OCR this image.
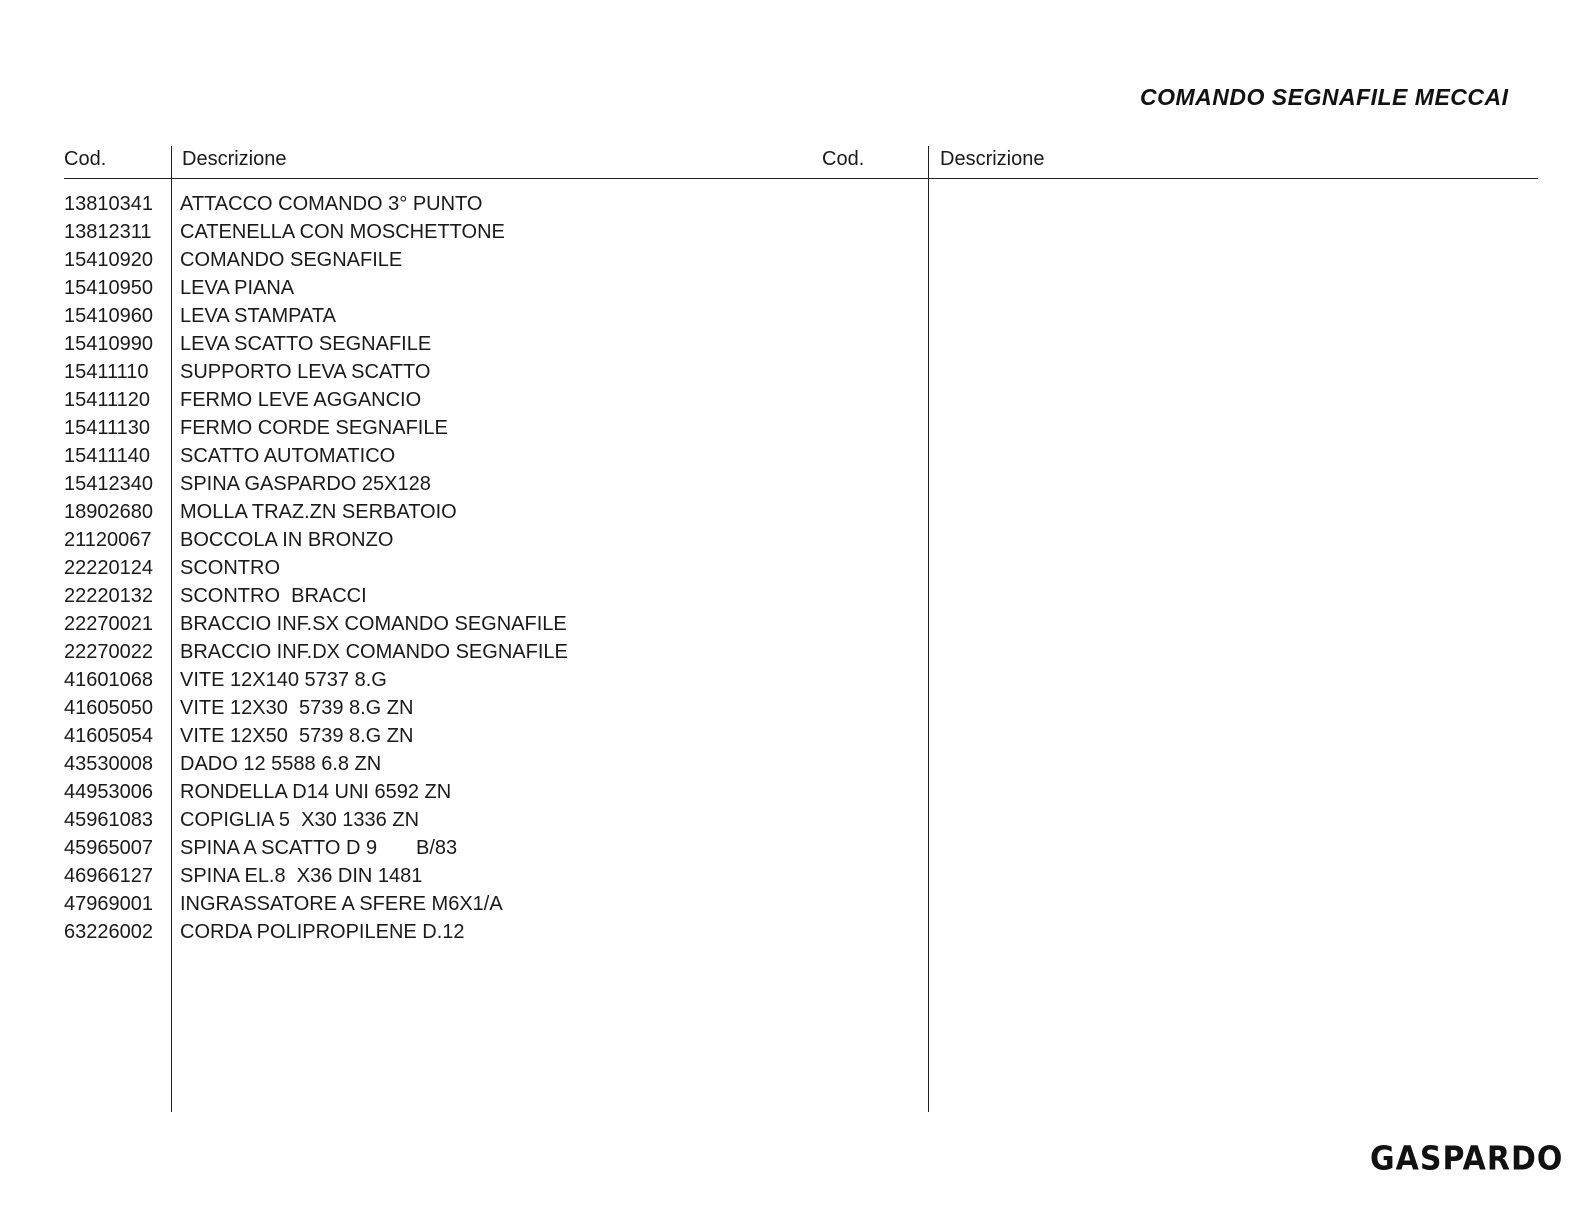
COMANDO SEGNAFILE MECCAI
Cod.	Descrizione	Cod.	Descrizione
13810341	ATTACCO COMANDO 3° PUNTO
13812311	CATENELLA CON MOSCHETTONE
15410920	COMANDO SEGNAFILE
15410950	LEVA PIANA
15410960	LEVA STAMPATA
15410990	LEVA SCATTO SEGNAFILE
15411110	SUPPORTO LEVA SCATTO
15411120	FERMO LEVE AGGANCIO
15411130	FERMO CORDE SEGNAFILE
15411140	SCATTO AUTOMATICO
15412340	SPINA GASPARDO 25X128
18902680	MOLLA TRAZ.ZN SERBATOIO
21120067	BOCCOLA IN BRONZO
22220124	SCONTRO
22220132	SCONTRO  BRACCI
22270021	BRACCIO INF.SX COMANDO SEGNAFILE
22270022	BRACCIO INF.DX COMANDO SEGNAFILE
41601068	VITE 12X140 5737 8.G
41605050	VITE 12X30  5739 8.G ZN
41605054	VITE 12X50  5739 8.G ZN
43530008	DADO 12 5588 6.8 ZN
44953006	RONDELLA D14 UNI 6592 ZN
45961083	COPIGLIA 5  X30 1336 ZN
45965007	SPINA A SCATTO D 9       B/83
46966127	SPINA EL.8  X36 DIN 1481
47969001	INGRASSATORE A SFERE M6X1/A
63226002	CORDA POLIPROPILENE D.12
GASPARDO
